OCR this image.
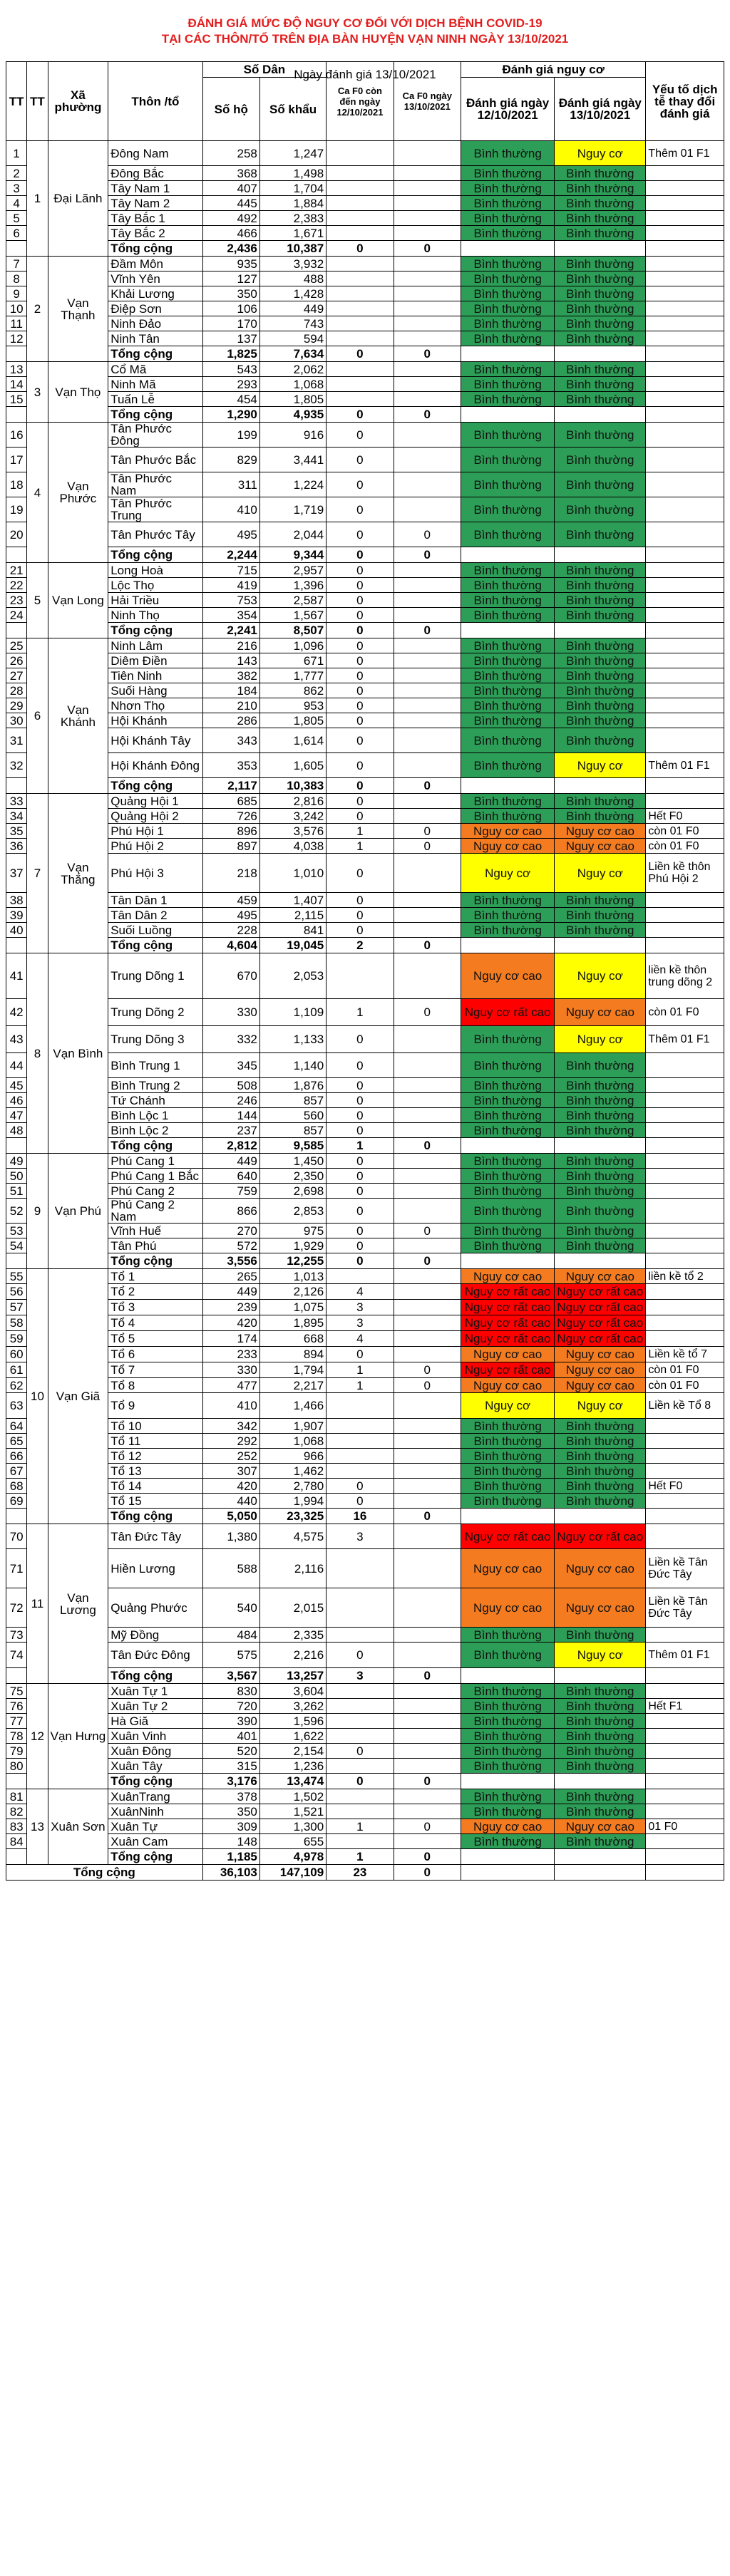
ĐÁNH GIÁ MỨC ĐỘ NGUY CƠ ĐỐI VỚI DỊCH BỆNH COVID-19
TẠI CÁC THÔN/TỔ TRÊN ĐỊA BÀN HUYỆN VẠN NINH NGÀY 13/10/2021
Ngày đánh giá 13/10/2021
TT	TT	Xã phường	Thôn /tổ	Số Dân		Ca F0 còn đến ngày 12/10/2021	Ca F0 ngày 13/10/2021	Đánh giá nguy cơ		Yếu tố dịch tễ thay đổi đánh giá
				Số hộ	Số khẩu			Đánh giá ngày 12/10/2021	Đánh giá ngày 13/10/2021	
1	1	Đại Lãnh	Đông Nam	258	1,247			Bình thường	Nguy cơ	Thêm 01 F1
2			Đông Bắc	368	1,498			Bình thường	Bình thường	
3			Tây Nam 1	407	1,704			Bình thường	Bình thường	
4			Tây Nam 2	445	1,884			Bình thường	Bình thường	
5			Tây Bắc 1	492	2,383			Bình thường	Bình thường	
6			Tây Bắc 2	466	1,671			Bình thường	Bình thường	
			Tổng cộng	2,436	10,387	0	0			
7	2	Vạn Thạnh	Đầm Môn	935	3,932			Bình thường	Bình thường	
8			Vĩnh Yên	127	488			Bình thường	Bình thường	
9			Khải Lương	350	1,428			Bình thường	Bình thường	
10			Điệp Sơn	106	449			Bình thường	Bình thường	
11			Ninh Đảo	170	743			Bình thường	Bình thường	
12			Ninh Tân	137	594			Bình thường	Bình thường	
			Tổng cộng	1,825	7,634	0	0			
13	3	Vạn Thọ	Cổ Mã	543	2,062			Bình thường	Bình thường	
14			Ninh Mã	293	1,068			Bình thường	Bình thường	
15			Tuấn Lễ	454	1,805			Bình thường	Bình thường	
			Tổng cộng	1,290	4,935	0	0			
16	4	Vạn Phước	Tân Phước Đông	199	916	0		Bình thường	Bình thường	
17			Tân Phước Bắc	829	3,441	0		Bình thường	Bình thường	
18			Tân Phước Nam	311	1,224	0		Bình thường	Bình thường	
19			Tân Phước Trung	410	1,719	0		Bình thường	Bình thường	
20			Tân Phước Tây	495	2,044	0	0	Bình thường	Bình thường	
			Tổng cộng	2,244	9,344	0	0			
21	5	Vạn Long	Long Hoà	715	2,957	0		Bình thường	Bình thường	
22			Lộc Thọ	419	1,396	0		Bình thường	Bình thường	
23			Hải Triều	753	2,587	0		Bình thường	Bình thường	
24			Ninh Thọ	354	1,567	0		Bình thường	Bình thường	
			Tổng cộng	2,241	8,507	0	0			
25	6	Vạn Khánh	Ninh Lâm	216	1,096	0		Bình thường	Bình thường	
26			Diêm Điền	143	671	0		Bình thường	Bình thường	
27			Tiên Ninh	382	1,777	0		Bình thường	Bình thường	
28			Suối Hàng	184	862	0		Bình thường	Bình thường	
29			Nhơn Thọ	210	953	0		Bình thường	Bình thường	
30			Hội Khánh	286	1,805	0		Bình thường	Bình thường	
31			Hội Khánh Tây	343	1,614	0		Bình thường	Bình thường	
32			Hội Khánh Đông	353	1,605	0		Bình thường	Nguy cơ	Thêm 01 F1
			Tổng cộng	2,117	10,383	0	0			
33	7	Vạn Thắng	Quảng Hội 1	685	2,816	0		Bình thường	Bình thường	
34			Quảng Hội 2	726	3,242	0		Bình thường	Bình thường	Hết F0
35			Phú Hội 1	896	3,576	1	0	Nguy cơ cao	Nguy cơ cao	còn 01 F0
36			Phú Hội 2	897	4,038	1	0	Nguy cơ cao	Nguy cơ cao	còn 01 F0
37			Phú Hội 3	218	1,010	0		Nguy cơ	Nguy cơ	Liền kề thôn Phú Hội 2
38			Tân Dân 1	459	1,407	0		Bình thường	Bình thường	
39			Tân Dân 2	495	2,115	0		Bình thường	Bình thường	
40			Suối Luồng	228	841	0		Bình thường	Bình thường	
			Tổng cộng	4,604	19,045	2	0			
41	8	Vạn Bình	Trung Dõng 1	670	2,053			Nguy cơ cao	Nguy cơ	liền kề thôn trung dõng 2
42			Trung Dõng 2	330	1,109	1	0	Nguy cơ rất cao	Nguy cơ cao	còn 01 F0
43			Trung Dõng 3	332	1,133	0		Bình thường	Nguy cơ	Thêm 01 F1
44			Bình Trung 1	345	1,140	0		Bình thường	Bình thường	
45			Bình Trung 2	508	1,876	0		Bình thường	Bình thường	
46			Tứ Chánh	246	857	0		Bình thường	Bình thường	
47			Bình Lộc 1	144	560	0		Bình thường	Bình thường	
48			Bình Lộc 2	237	857	0		Bình thường	Bình thường	
			Tổng cộng	2,812	9,585	1	0			
49	9	Vạn Phú	Phú Cang 1	449	1,450	0		Bình thường	Bình thường	
50			Phú Cang 1 Bắc	640	2,350	0		Bình thường	Bình thường	
51			Phú Cang 2	759	2,698	0		Bình thường	Bình thường	
52			Phú Cang 2 Nam	866	2,853	0		Bình thường	Bình thường	
53			Vĩnh Huế	270	975	0	0	Bình thường	Bình thường	
54			Tân Phú	572	1,929	0		Bình thường	Bình thường	
			Tổng cộng	3,556	12,255	0	0			
55	10	Vạn Giã	Tổ 1	265	1,013			Nguy cơ cao	Nguy cơ cao	liền kề tổ 2
56			Tổ 2	449	2,126	4		Nguy cơ rất cao	Nguy cơ rất cao	
57			Tổ 3	239	1,075	3		Nguy cơ rất cao	Nguy cơ rất cao	
58			Tổ 4	420	1,895	3		Nguy cơ rất cao	Nguy cơ rất cao	
59			Tổ 5	174	668	4		Nguy cơ rất cao	Nguy cơ rất cao	
60			Tổ 6	233	894	0		Nguy cơ cao	Nguy cơ cao	Liền kề tổ 7
61			Tổ 7	330	1,794	1	0	Nguy cơ rất cao	Nguy cơ cao	còn 01 F0
62			Tổ 8	477	2,217	1	0	Nguy cơ cao	Nguy cơ cao	còn 01 F0
63			Tổ 9	410	1,466			Nguy cơ	Nguy cơ	Liền kề Tổ 8
64			Tổ 10	342	1,907			Bình thường	Bình thường	
65			Tổ 11	292	1,068			Bình thường	Bình thường	
66			Tổ 12	252	966			Bình thường	Bình thường	
67			Tổ 13	307	1,462			Bình thường	Bình thường	
68			Tổ 14	420	2,780	0		Bình thường	Bình thường	Hết F0
69			Tổ 15	440	1,994	0		Bình thường	Bình thường	
			Tổng cộng	5,050	23,325	16	0			
70	11	Vạn Lương	Tân Đức Tây	1,380	4,575	3		Nguy cơ rất cao	Nguy cơ rất cao	
71			Hiền Lương	588	2,116			Nguy cơ cao	Nguy cơ cao	Liền kề Tân Đức Tây
72			Quảng Phước	540	2,015			Nguy cơ cao	Nguy cơ cao	Liền kề Tân Đức Tây
73			Mỹ Đồng	484	2,335			Bình thường	Bình thường	
74			Tân Đức Đông	575	2,216	0		Bình thường	Nguy cơ	Thêm 01 F1
			Tổng cộng	3,567	13,257	3	0			
75	12	Vạn Hưng	Xuân Tự 1	830	3,604			Bình thường	Bình thường	
76			Xuân Tự 2	720	3,262			Bình thường	Bình thường	Hết F1
77			Hà Giă	390	1,596			Bình thường	Bình thường	
78			Xuân Vinh	401	1,622			Bình thường	Bình thường	
79			Xuân Đông	520	2,154	0		Bình thường	Bình thường	
80			Xuân Tây	315	1,236			Bình thường	Bình thường	
			Tổng cộng	3,176	13,474	0	0			
81	13	Xuân Sơn	XuânTrang	378	1,502			Bình thường	Bình thường	
82			XuânNinh	350	1,521			Bình thường	Bình thường	
83			Xuân Tự	309	1,300	1	0	Nguy cơ cao	Nguy cơ cao	01 F0
84			Xuân Cam	148	655			Bình thường	Bình thường	
			Tổng cộng	1,185	4,978	1	0			
Tổng cộng				36,103	147,109	23	0			
